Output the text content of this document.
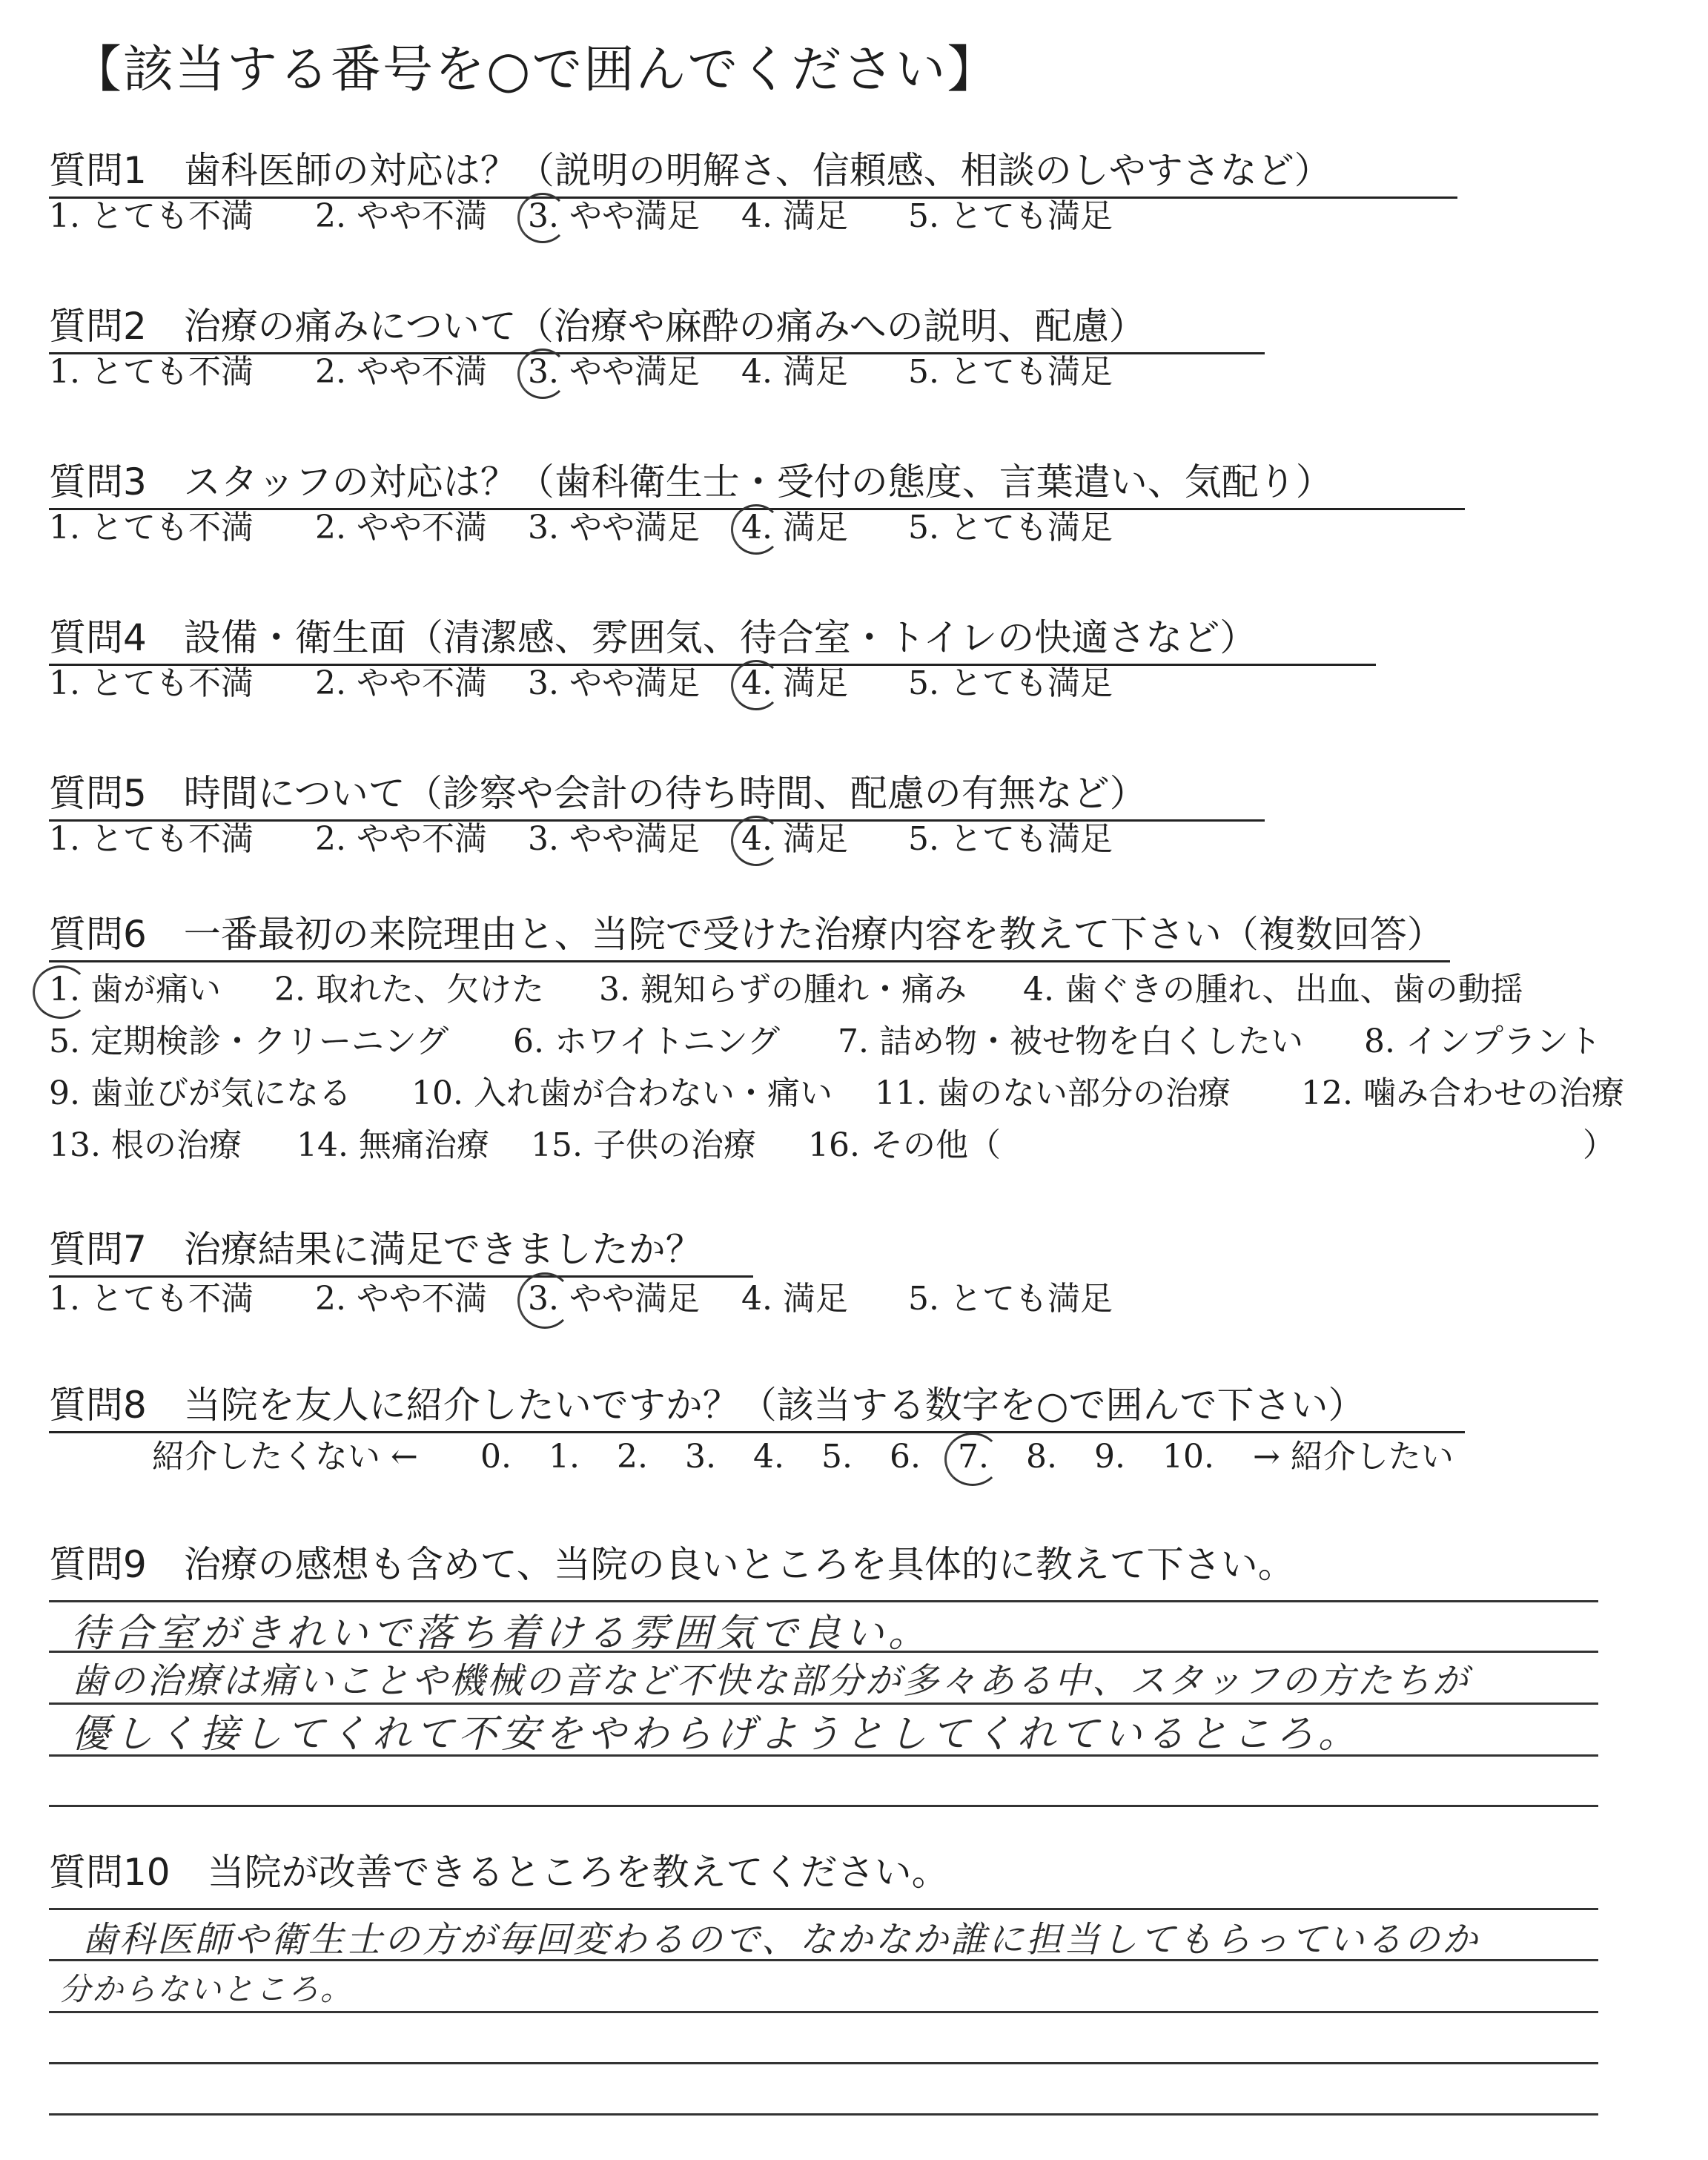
【該当する番号を○で囲んでください】
質問1　歯科医師の対応は？（説明の明解さ、信頼感、相談のしやすさなど）
1. とても不満 2. やや不満 3. やや満足 4. 満足 5. とても満足
質問2　治療の痛みについて（治療や麻酔の痛みへの説明、配慮）
1. とても不満 2. やや不満 3. やや満足 4. 満足 5. とても満足
質問3　スタッフの対応は？（歯科衛生士・受付の態度、言葉遣い、気配り）
1. とても不満 2. やや不満 3. やや満足 4. 満足 5. とても満足
質問4　設備・衛生面（清潔感、雰囲気、待合室・トイレの快適さなど）
1. とても不満 2. やや不満 3. やや満足 4. 満足 5. とても満足
質問5　時間について（診察や会計の待ち時間、配慮の有無など）
1. とても不満 2. やや不満 3. やや満足 4. 満足 5. とても満足
質問6　一番最初の来院理由と、当院で受けた治療内容を教えて下さい（複数回答）
1. 歯が痛い 2. 取れた、欠けた 3. 親知らずの腫れ・痛み 4. 歯ぐきの腫れ、出血、歯の動揺
5. 定期検診・クリーニング 6. ホワイトニング 7. 詰め物・被せ物を白くしたい 8. インプラント
9. 歯並びが気になる 10. 入れ歯が合わない・痛い 11. 歯のない部分の治療 12. 噛み合わせの治療
13. 根の治療 14. 無痛治療 15. 子供の治療 16. その他（	）
質問7　治療結果に満足できましたか？
1. とても不満 2. やや不満 3. やや満足 4. 満足 5. とても満足
質問8　当院を友人に紹介したいですか？（該当する数字を○で囲んで下さい）
紹介したくない ← 0. 1. 2. 3. 4. 5. 6. 7. 8. 9. 10. → 紹介したい
質問9　治療の感想も含めて、当院の良いところを具体的に教えて下さい。
待合室がきれいで落ち着ける雰囲気で良い。
歯の治療は痛いことや機械の音など不快な部分が多々ある中、スタッフの方たちが
優しく接してくれて不安をやわらげようとしてくれているところ。
質問10　当院が改善できるところを教えてください。
歯科医師や衛生士の方が毎回変わるので、なかなか誰に担当してもらっているのか
分からないところ。
